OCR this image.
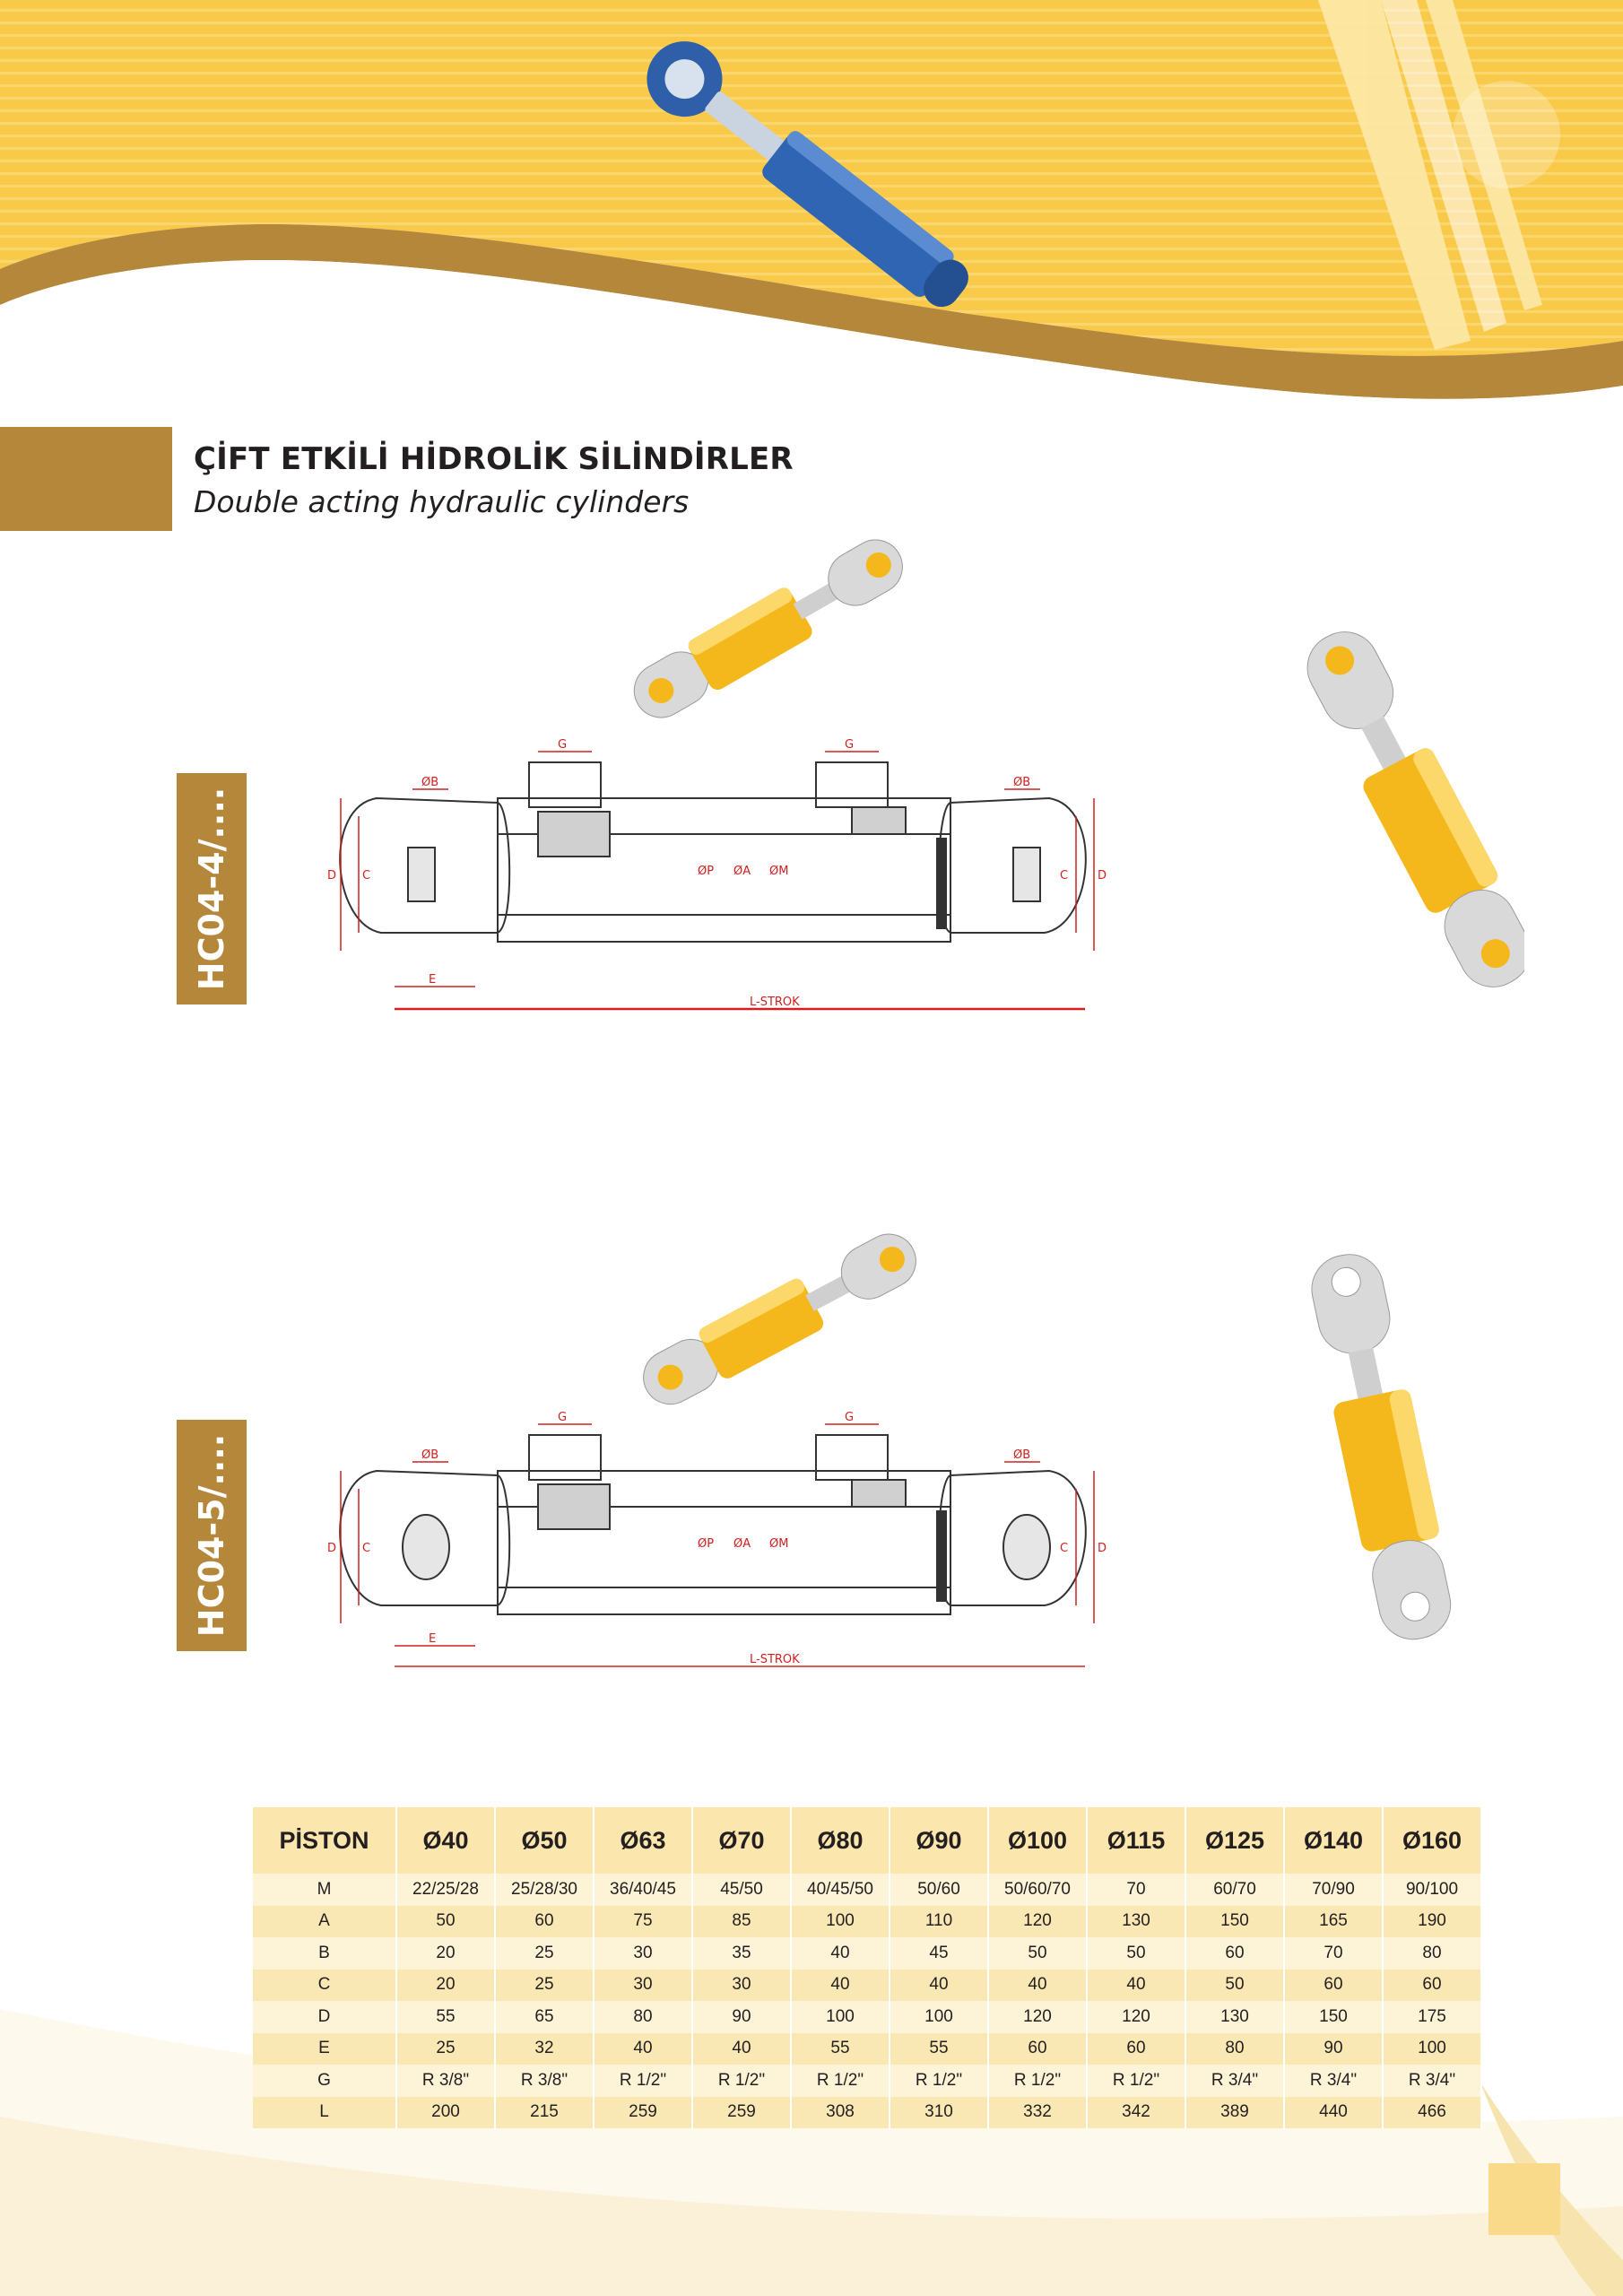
ÇİFT ETKİLİ HİDROLİK SİLİNDİRLER
Double acting hydraulic cylinders
HC04-4/....
HC04-5/....
ØB
G	G
ØB
D C	C	D
ØP ØA ØM
E
L-STROK
ØB
G	G
ØB
D C	C	D
ØP ØA ØM
E
L-STROK
PİSTON	Ø40	Ø50	Ø63	Ø70	Ø80	Ø90	Ø100	Ø115	Ø125	Ø140	Ø160
M	22/25/28	25/28/30	36/40/45	45/50	40/45/50	50/60	50/60/70	70	60/70	70/90	90/100
A	50	60	75	85	100	110	120	130	150	165	190
B	20	25	30	35	40	45	50	50	60	70	80
C	20	25	30	30	40	40	40	40	50	60	60
D	55	65	80	90	100	100	120	120	130	150	175
E	25	32	40	40	55	55	60	60	80	90	100
G	R 3/8"	R 3/8"	R 1/2"	R 1/2"	R 1/2"	R 1/2"	R 1/2"	R 1/2"	R 3/4"	R 3/4"	R 3/4"
L	200	215	259	259	308	310	332	342	389	440	466
